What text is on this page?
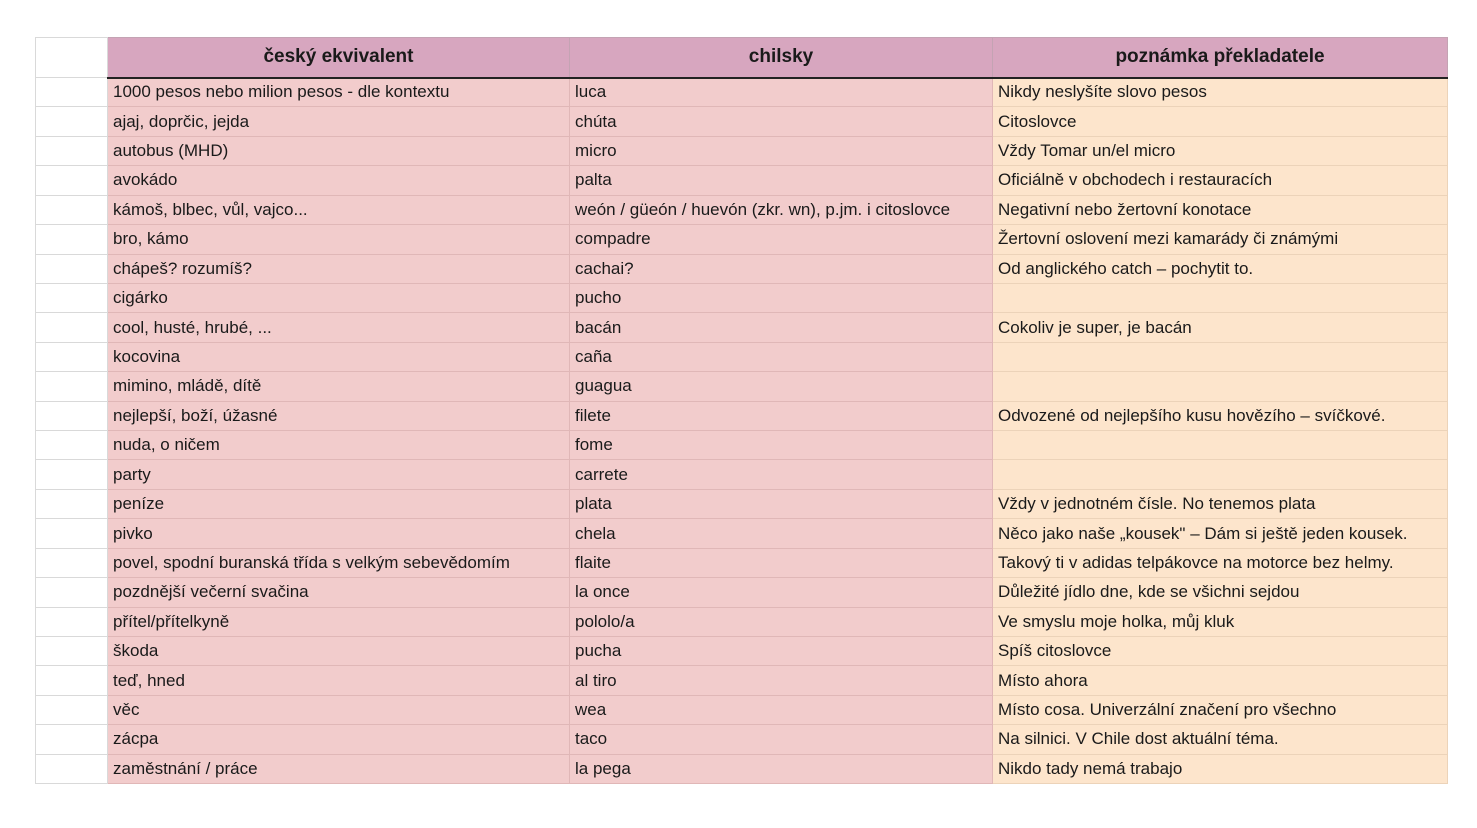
	český ekvivalent	chilsky	poznámka překladatele
	1000 pesos nebo milion pesos - dle kontextu	luca	Nikdy neslyšíte slovo pesos
	ajaj, doprčic, jejda	chúta	Citoslovce
	autobus (MHD)	micro	Vždy Tomar un/el micro
	avokádo	palta	Oficiálně v obchodech i restauracích
	kámoš, blbec, vůl, vajco...	weón / güeón / huevón (zkr. wn), p.jm. i citoslovce	Negativní nebo žertovní konotace
	bro, kámo	compadre	Žertovní oslovení mezi kamarády či známými
	chápeš? rozumíš?	cachai?	Od anglického catch – pochytit to.
	cigárko	pucho	
	cool, husté, hrubé, ...	bacán	Cokoliv je super, je bacán
	kocovina	caña	
	mimino, mládě, dítě	guagua	
	nejlepší, boží, úžasné	filete	Odvozené od nejlepšího kusu hovězího – svíčkové.
	nuda, o ničem	fome	
	party	carrete	
	peníze	plata	Vždy v jednotném čísle. No tenemos plata
	pivko	chela	Něco jako naše „kousek" – Dám si ještě jeden kousek.
	povel, spodní buranská třída s velkým sebevědomím	flaite	Takový ti v adidas telpákovce na motorce bez helmy.
	pozdnější večerní svačina	la once	Důležité jídlo dne, kde se všichni sejdou
	přítel/přítelkyně	pololo/a	Ve smyslu moje holka, můj kluk
	škoda	pucha	Spíš citoslovce
	teď, hned	al tiro	Místo ahora
	věc	wea	Místo cosa. Univerzální značení pro všechno
	zácpa	taco	Na silnici. V Chile dost aktuální téma.
	zaměstnání / práce	la pega	Nikdo tady nemá trabajo
